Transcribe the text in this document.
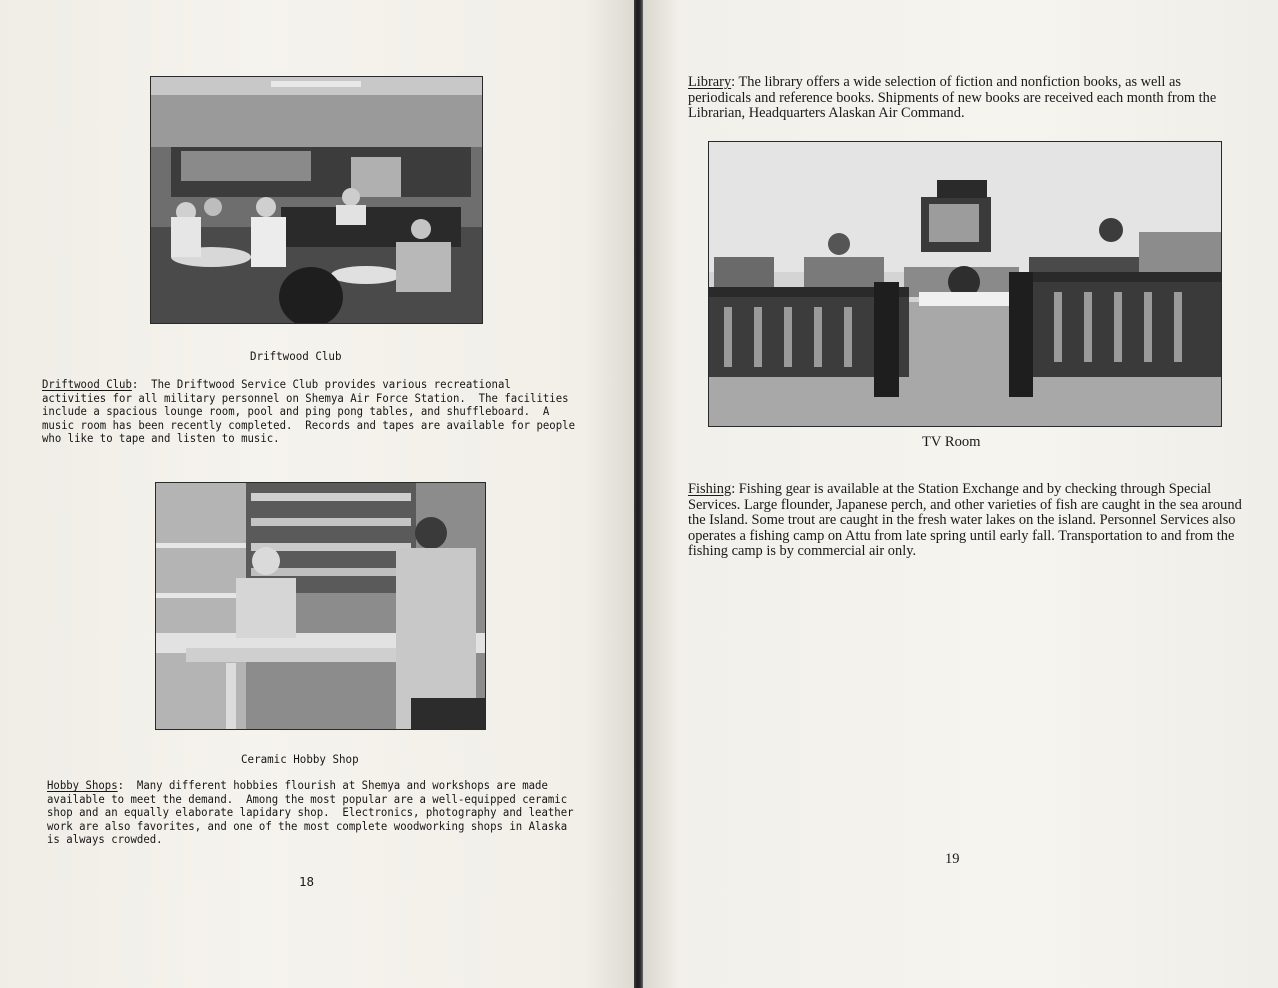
Driftwood Club

Driftwood Club:  The Driftwood Service Club provides various recreational activities for all military personnel on Shemya Air Force Station.  The facilities include a spacious lounge room, pool and ping pong tables, and shuffleboard.  A music room has been recently completed.  Records and tapes are available for people who like to tape and listen to music.

Ceramic Hobby Shop

Hobby Shops:  Many different hobbies flourish at Shemya and workshops are made available to meet the demand.  Among the most popular are a well-equipped ceramic shop and an equally elaborate lapidary shop.  Electronics, photography and leather work are also favorites, and one of the most complete woodworking shops in Alaska is always crowded.

18

Library: The library offers a wide selection of fiction and nonfiction books, as well as periodicals and reference books. Shipments of new books are received each month from the Librarian, Headquarters Alaskan Air Command.

TV Room

Fishing: Fishing gear is available at the Station Exchange and by checking through Special Services. Large flounder, Japanese perch, and other varieties of fish are caught in the sea around the Island. Some trout are caught in the fresh water lakes on the island. Personnel Services also operates a fishing camp on Attu from late spring until early fall. Transportation to and from the fishing camp is by commercial air only.

19
